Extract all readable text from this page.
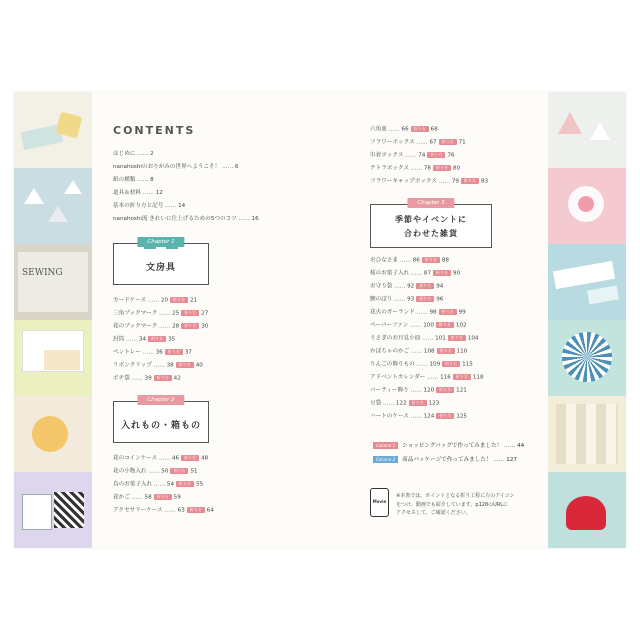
SEWING
CONTENTS
はじめに …… 2
nanahoshiのおりがみの世界へようこそ！ …… 6
紙の種類 …… 8
道具＆材料 …… 12
基本の折り方と記号 …… 14
nanahoshi流 きれいに仕上げるための5つのコツ …… 16
Chapter 1
文房具
カードケース …… 20 折り方 21
三角ブックマーク …… 25 折り方 27
花のブックマーク …… 28 折り方 30
封筒 …… 34 折り方 35
ペントレー …… 36 折り方 37
リボンクリップ …… 38 折り方 40
ポチ袋 …… 39 折り方 42
Chapter 2
入れもの・箱もの
花のコインケース …… 46 折り方 48
花の小物入れ …… 50 折り方 51
鳥のお菓子入れ …… 54 折り方 55
花かご …… 58 折り方 59
アクセサリーケース …… 63 折り方 64
六角皿 …… 66 折り方 68
フラワーボックス …… 67 折り方 71
巾着ボックス …… 74 折り方 76
テトラボックス …… 78 折り方 80
フラワーキャップボックス …… 79 折り方 83
Chapter 3
季節やイベントに
合わせた雑貨
おひなさま …… 86 折り方 88
桜のお菓子入れ …… 87 折り方 90
お守り袋 …… 92 折り方 94
鯉のぼり …… 93 折り方 96
花火のガーランド …… 98 折り方 99
ペーパーファン …… 100 折り方 102
うさぎのお月見小皿 …… 101 折り方 104
かぼちゃのかご …… 108 折り方 110
りんごの飾りもの …… 109 折り方 115
アドベントカレンダー …… 116 折り方 118
パーティー飾り …… 120 折り方 121
豆袋 …… 122 折り方 123
ハートのケース …… 124 折り方 125
Column 1 ショッピングバッグで作ってみました！ …… 44
Column 2 商品パッケージで作ってみました！ …… 127
Movie
※本書では、ポイントとなる折り工程に左のアイコン
をつけ、動画でも紹介しています。p128のURLに
アクセスして、ご確認ください。
